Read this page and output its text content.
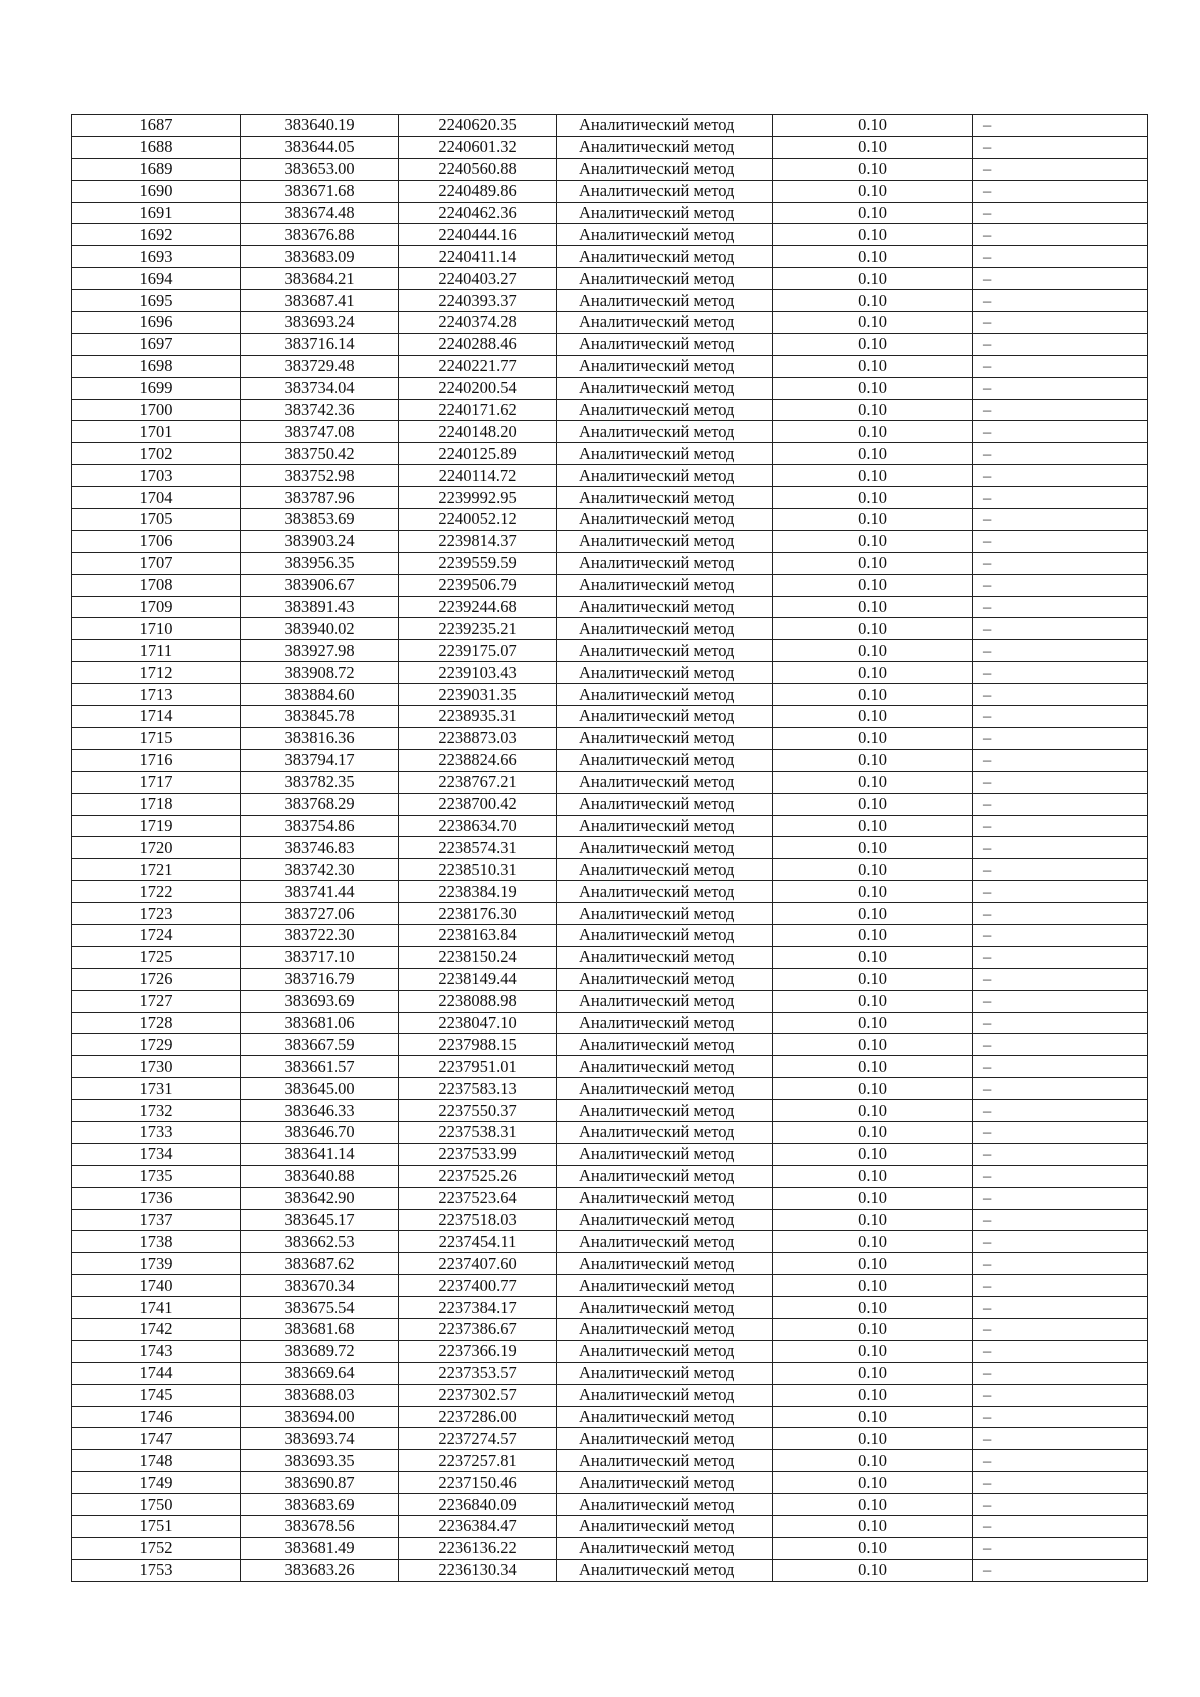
1687	383640.19	2240620.35	Аналитический метод	0.10	–
1688	383644.05	2240601.32	Аналитический метод	0.10	–
1689	383653.00	2240560.88	Аналитический метод	0.10	–
1690	383671.68	2240489.86	Аналитический метод	0.10	–
1691	383674.48	2240462.36	Аналитический метод	0.10	–
1692	383676.88	2240444.16	Аналитический метод	0.10	–
1693	383683.09	2240411.14	Аналитический метод	0.10	–
1694	383684.21	2240403.27	Аналитический метод	0.10	–
1695	383687.41	2240393.37	Аналитический метод	0.10	–
1696	383693.24	2240374.28	Аналитический метод	0.10	–
1697	383716.14	2240288.46	Аналитический метод	0.10	–
1698	383729.48	2240221.77	Аналитический метод	0.10	–
1699	383734.04	2240200.54	Аналитический метод	0.10	–
1700	383742.36	2240171.62	Аналитический метод	0.10	–
1701	383747.08	2240148.20	Аналитический метод	0.10	–
1702	383750.42	2240125.89	Аналитический метод	0.10	–
1703	383752.98	2240114.72	Аналитический метод	0.10	–
1704	383787.96	2239992.95	Аналитический метод	0.10	–
1705	383853.69	2240052.12	Аналитический метод	0.10	–
1706	383903.24	2239814.37	Аналитический метод	0.10	–
1707	383956.35	2239559.59	Аналитический метод	0.10	–
1708	383906.67	2239506.79	Аналитический метод	0.10	–
1709	383891.43	2239244.68	Аналитический метод	0.10	–
1710	383940.02	2239235.21	Аналитический метод	0.10	–
1711	383927.98	2239175.07	Аналитический метод	0.10	–
1712	383908.72	2239103.43	Аналитический метод	0.10	–
1713	383884.60	2239031.35	Аналитический метод	0.10	–
1714	383845.78	2238935.31	Аналитический метод	0.10	–
1715	383816.36	2238873.03	Аналитический метод	0.10	–
1716	383794.17	2238824.66	Аналитический метод	0.10	–
1717	383782.35	2238767.21	Аналитический метод	0.10	–
1718	383768.29	2238700.42	Аналитический метод	0.10	–
1719	383754.86	2238634.70	Аналитический метод	0.10	–
1720	383746.83	2238574.31	Аналитический метод	0.10	–
1721	383742.30	2238510.31	Аналитический метод	0.10	–
1722	383741.44	2238384.19	Аналитический метод	0.10	–
1723	383727.06	2238176.30	Аналитический метод	0.10	–
1724	383722.30	2238163.84	Аналитический метод	0.10	–
1725	383717.10	2238150.24	Аналитический метод	0.10	–
1726	383716.79	2238149.44	Аналитический метод	0.10	–
1727	383693.69	2238088.98	Аналитический метод	0.10	–
1728	383681.06	2238047.10	Аналитический метод	0.10	–
1729	383667.59	2237988.15	Аналитический метод	0.10	–
1730	383661.57	2237951.01	Аналитический метод	0.10	–
1731	383645.00	2237583.13	Аналитический метод	0.10	–
1732	383646.33	2237550.37	Аналитический метод	0.10	–
1733	383646.70	2237538.31	Аналитический метод	0.10	–
1734	383641.14	2237533.99	Аналитический метод	0.10	–
1735	383640.88	2237525.26	Аналитический метод	0.10	–
1736	383642.90	2237523.64	Аналитический метод	0.10	–
1737	383645.17	2237518.03	Аналитический метод	0.10	–
1738	383662.53	2237454.11	Аналитический метод	0.10	–
1739	383687.62	2237407.60	Аналитический метод	0.10	–
1740	383670.34	2237400.77	Аналитический метод	0.10	–
1741	383675.54	2237384.17	Аналитический метод	0.10	–
1742	383681.68	2237386.67	Аналитический метод	0.10	–
1743	383689.72	2237366.19	Аналитический метод	0.10	–
1744	383669.64	2237353.57	Аналитический метод	0.10	–
1745	383688.03	2237302.57	Аналитический метод	0.10	–
1746	383694.00	2237286.00	Аналитический метод	0.10	–
1747	383693.74	2237274.57	Аналитический метод	0.10	–
1748	383693.35	2237257.81	Аналитический метод	0.10	–
1749	383690.87	2237150.46	Аналитический метод	0.10	–
1750	383683.69	2236840.09	Аналитический метод	0.10	–
1751	383678.56	2236384.47	Аналитический метод	0.10	–
1752	383681.49	2236136.22	Аналитический метод	0.10	–
1753	383683.26	2236130.34	Аналитический метод	0.10	–
